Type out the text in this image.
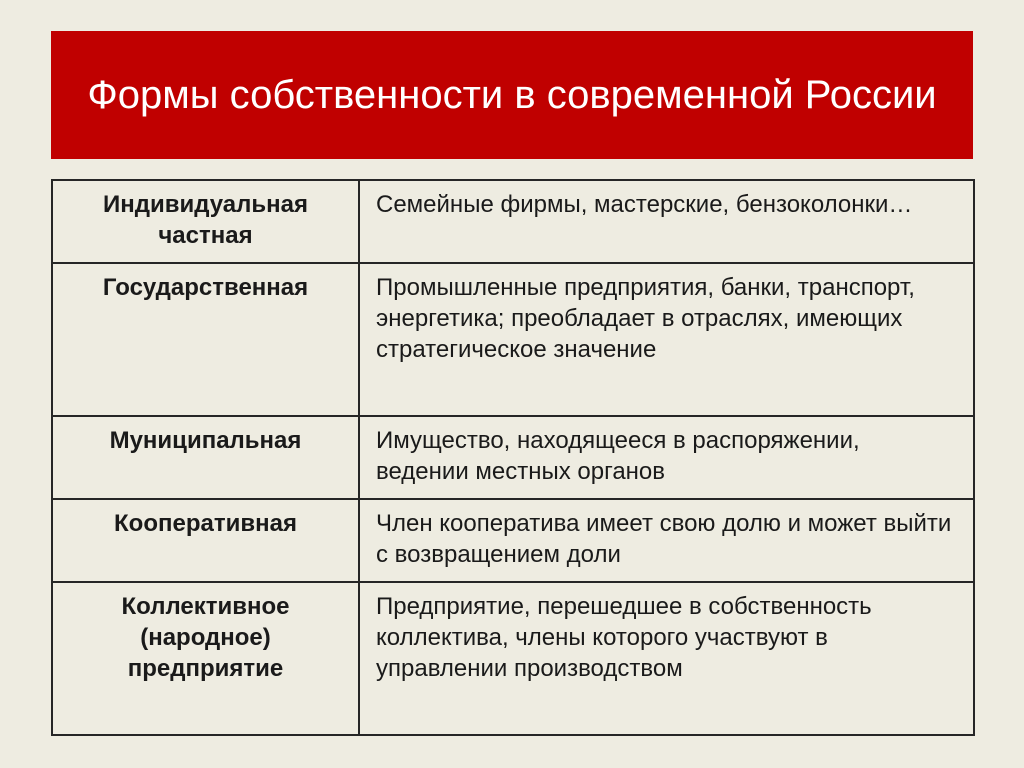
Формы собственности в современной России
Индивидуальная частная	Семейные фирмы, мастерские, бензоколонки…
Государственная	Промышленные предприятия, банки, транспорт, энергетика; преобладает в отраслях, имеющих стратегическое значение
Муниципальная	Имущество, находящееся в распоряжении, ведении местных органов
Кооперативная	Член кооператива имеет свою долю и может выйти с возвращением доли
Коллективное (народное) предприятие	Предприятие, перешедшее в собственность коллектива, члены которого участвуют в управлении производством
